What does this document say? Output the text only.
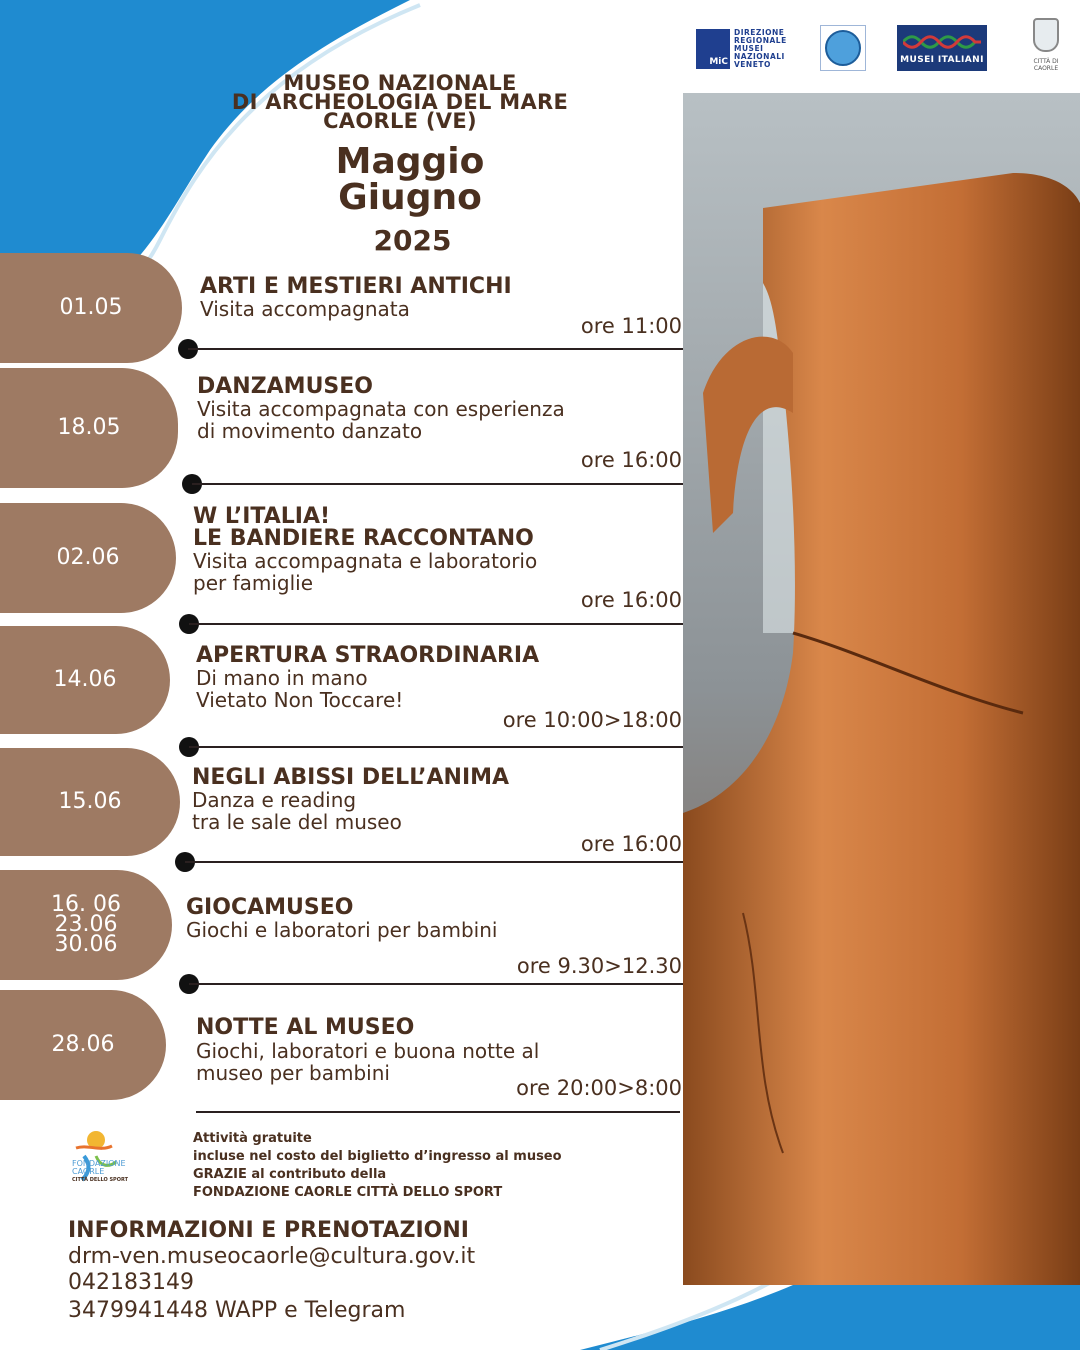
MiC
DIREZIONE
REGIONALE
MUSEI
NAZIONALI
VENETO	MUSEI ITALIANI	CITTÀ DI CAORLE
MUSEO NAZIONALE
DI ARCHEOLOGIA DEL MARE
CAORLE (VE)
Maggio
Giugno
2025
01.05
ARTI E MESTIERI ANTICHI
Visita accompagnata
ore 11:00
18.05
DANZAMUSEO
Visita accompagnata con esperienza
di movimento danzato
ore 16:00
02.06
W L’ITALIA!
LE BANDIERE RACCONTANO
Visita accompagnata e laboratorio
per famiglie
ore 16:00
14.06
APERTURA STRAORDINARIA
Di mano in mano
Vietato Non Toccare!
ore 10:00>18:00
15.06
NEGLI ABISSI DELL’ANIMA
Danza e reading
tra le sale del museo
ore 16:00
16. 06
23.06
30.06
GIOCAMUSEO
Giochi e laboratori per bambini
ore 9.30>12.30
28.06
NOTTE AL MUSEO
Giochi, laboratori e buona notte al
museo per bambini
ore 20:00>8:00
FONDAZIONE
CAORLE
CITTÀ DELLO SPORT
Attività gratuite
incluse nel costo del biglietto d’ingresso al museo
GRAZIE al contributo della
FONDAZIONE CAORLE CITTÀ DELLO SPORT
INFORMAZIONI E PRENOTAZIONI
drm-ven.museocaorle@cultura.gov.it
042183149
3479941448 WAPP e Telegram
